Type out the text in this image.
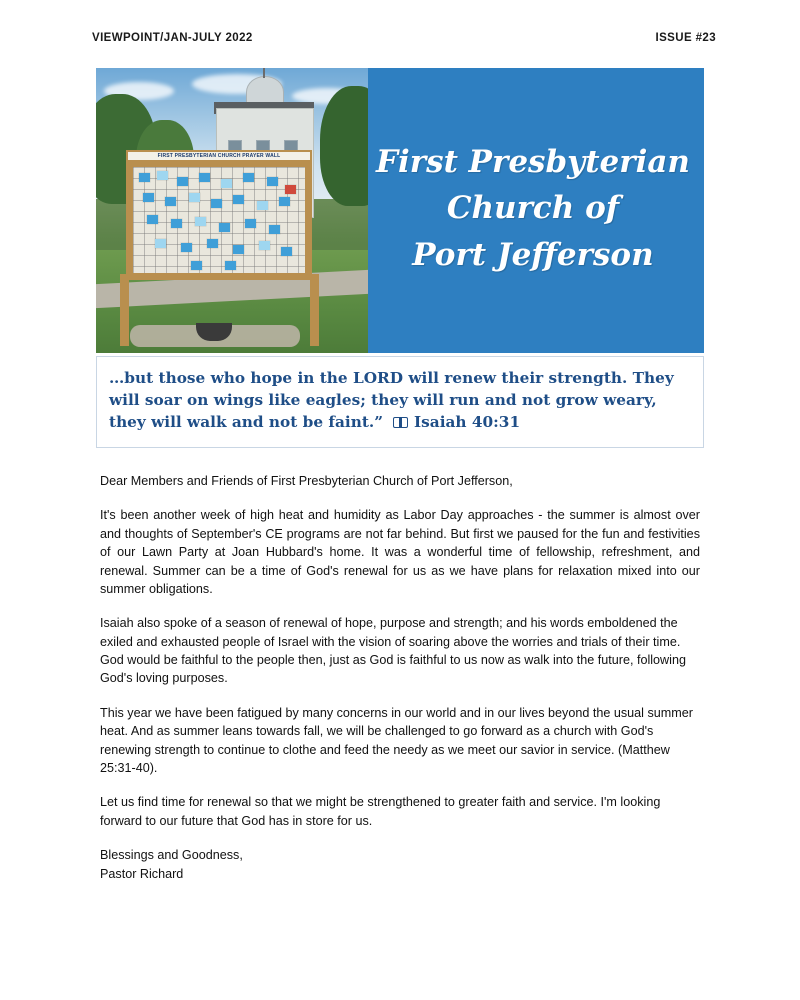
VIEWPOINT/JAN-JULY 2022	ISSUE #23
FIRST PRESBYTERIAN CHURCH PRAYER WALL	First Presbyterian
Church of
Port Jefferson
…but those who hope in the LORD will renew their strength. They will soar on wings like eagles; they will run and not grow weary, they will walk and not be faint.” Isaiah 40:31

Dear Members and Friends of First Presbyterian Church of Port Jefferson,

It's been another week of high heat and humidity as Labor Day approaches - the summer is almost over and thoughts of September's CE programs are not far behind. But first we paused for the fun and festivities of our Lawn Party at Joan Hubbard's home. It was a wonderful time of fellowship, refreshment, and renewal. Summer can be a time of God's renewal for us as we have plans for relaxation mixed into our summer obligations.

Isaiah also spoke of a season of renewal of hope, purpose and strength; and his words emboldened the exiled and exhausted people of Israel with the vision of soaring above the worries and trials of their time. God would be faithful to the people then, just as God is faithful to us now as walk into the future, following God's loving purposes.

This year we have been fatigued by many concerns in our world and in our lives beyond the usual summer heat. And as summer leans towards fall, we will be challenged to go forward as a church with God's renewing strength to continue to clothe and feed the needy as we meet our savior in service. (Matthew 25:31-40).

Let us find time for renewal so that we might be strengthened to greater faith and service. I'm looking forward to our future that God has in store for us.

Blessings and Goodness,
Pastor Richard
